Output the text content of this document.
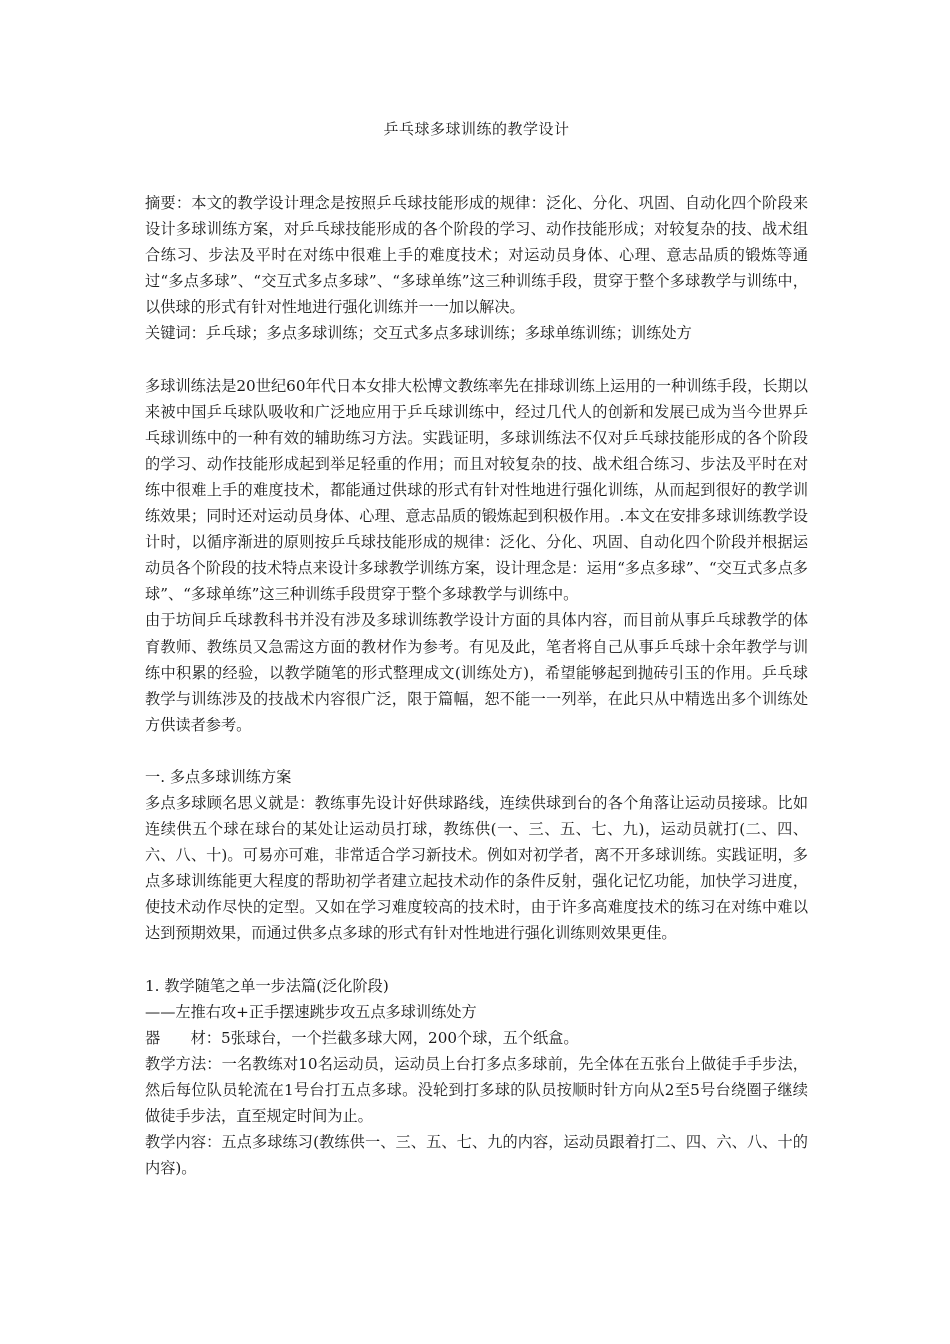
乒乓球多球训练的教学设计

摘要：本文的教学设计理念是按照乒乓球技能形成的规律：泛化、分化、巩固、自动化四个阶段来设计多球训练方案，对乒乓球技能形成的各个阶段的学习、动作技能形成；对较复杂的技、战术组合练习、步法及平时在对练中很难上手的难度技术；对运动员身体、心理、意志品质的锻炼等通过“多点多球”、“交互式多点多球”、“多球单练”这三种训练手段，贯穿于整个多球教学与训练中，以供球的形式有针对性地进行强化训练并一一加以解决。

关键词：乒乓球；多点多球训练；交互式多点多球训练；多球单练训练；训练处方

多球训练法是20世纪60年代日本女排大松博文教练率先在排球训练上运用的一种训练手段，长期以来被中国乒乓球队吸收和广泛地应用于乒乓球训练中，经过几代人的创新和发展已成为当今世界乒乓球训练中的一种有效的辅助练习方法。实践证明，多球训练法不仅对乒乓球技能形成的各个阶段的学习、动作技能形成起到举足轻重的作用；而且对较复杂的技、战术组合练习、步法及平时在对练中很难上手的难度技术，都能通过供球的形式有针对性地进行强化训练，从而起到很好的教学训练效果；同时还对运动员身体、心理、意志品质的锻炼起到积极作用。.本文在安排多球训练教学设计时，以循序渐进的原则按乒乓球技能形成的规律：泛化、分化、巩固、自动化四个阶段并根据运动员各个阶段的技术特点来设计多球教学训练方案，设计理念是：运用“多点多球”、“交互式多点多球”、“多球单练”这三种训练手段贯穿于整个多球教学与训练中。

由于坊间乒乓球教科书并没有涉及多球训练教学设计方面的具体内容，而目前从事乒乓球教学的体育教师、教练员又急需这方面的教材作为参考。有见及此，笔者将自己从事乒乓球十余年教学与训练中积累的经验，以教学随笔的形式整理成文(训练处方)，希望能够起到抛砖引玉的作用。乒乓球教学与训练涉及的技战术内容很广泛，限于篇幅，恕不能一一列举，在此只从中精选出多个训练处方供读者参考。

一. 多点多球训练方案

多点多球顾名思义就是：教练事先设计好供球路线，连续供球到台的各个角落让运动员接球。比如连续供五个球在球台的某处让运动员打球，教练供(一、三、五、七、九)，运动员就打(二、四、六、八、十)。可易亦可难，非常适合学习新技术。例如对初学者，离不开多球训练。实践证明，多点多球训练能更大程度的帮助初学者建立起技术动作的条件反射，强化记忆功能，加快学习进度，使技术动作尽快的定型。又如在学习难度较高的技术时，由于许多高难度技术的练习在对练中难以达到预期效果，而通过供多点多球的形式有针对性地进行强化训练则效果更佳。

1. 教学随笔之单一步法篇(泛化阶段)

——左推右攻+正手摆速跳步攻五点多球训练处方

器　　材：5张球台，一个拦截多球大网，200个球，五个纸盒。

教学方法：一名教练对10名运动员，运动员上台打多点多球前，先全体在五张台上做徒手手步法，然后每位队员轮流在1号台打五点多球。没轮到打多球的队员按顺时针方向从2至5号台绕圈子继续做徒手步法，直至规定时间为止。

教学内容：五点多球练习(教练供一、三、五、七、九的内容，运动员跟着打二、四、六、八、十的内容)。
